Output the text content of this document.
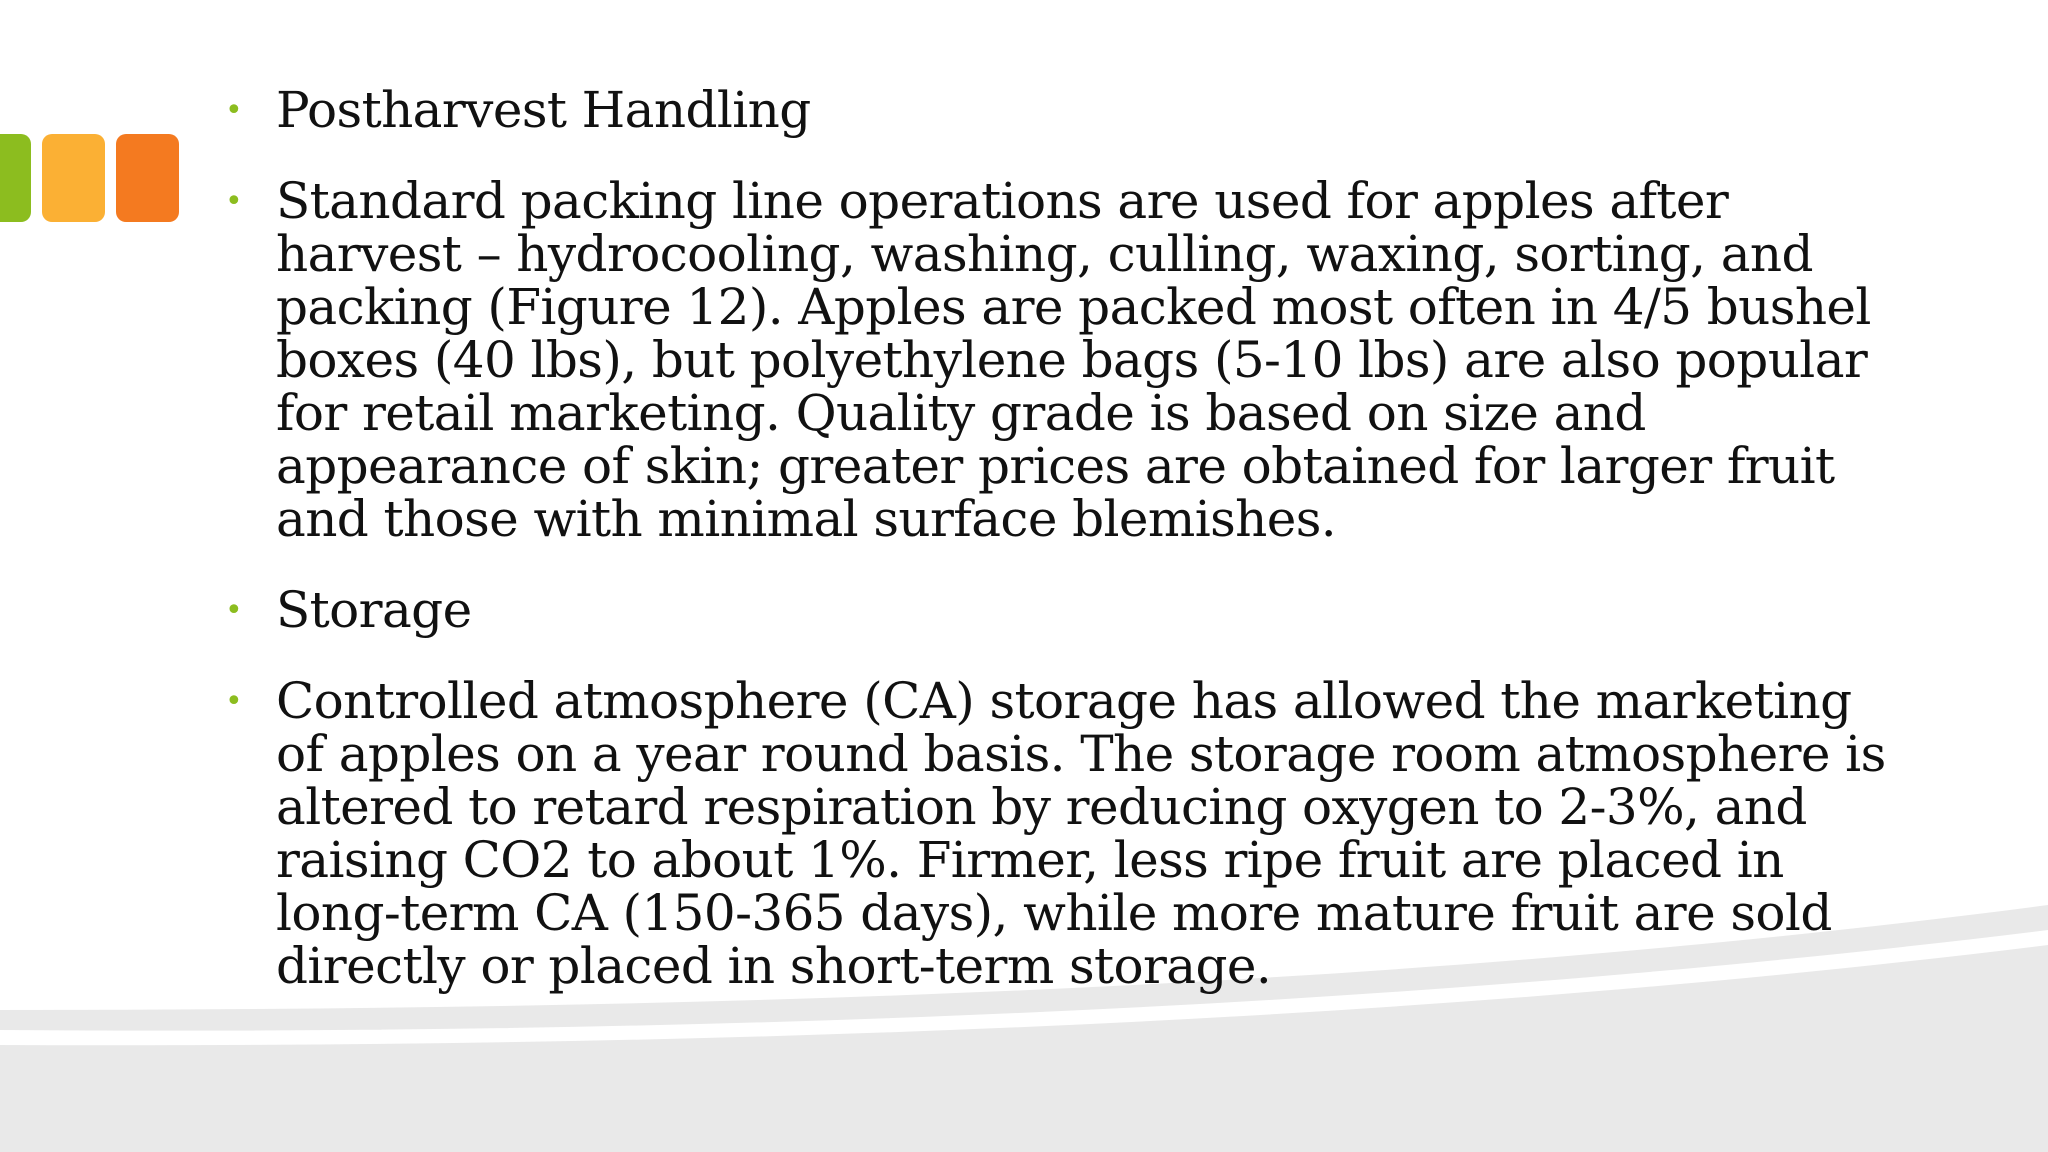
• Postharvest Handling
• Standard packing line operations are used for apples after
harvest – hydrocooling, washing, culling, waxing, sorting, and
packing (Figure 12). Apples are packed most often in 4/5 bushel
boxes (40 lbs), but polyethylene bags (5-10 lbs) are also popular
for retail marketing. Quality grade is based on size and
appearance of skin; greater prices are obtained for larger fruit
and those with minimal surface blemishes.
• Storage
• Controlled atmosphere (CA) storage has allowed the marketing
of apples on a year round basis. The storage room atmosphere is
altered to retard respiration by reducing oxygen to 2-3%, and
raising CO2 to about 1%. Firmer, less ripe fruit are placed in
long-term CA (150-365 days), while more mature fruit are sold
directly or placed in short-term storage.
